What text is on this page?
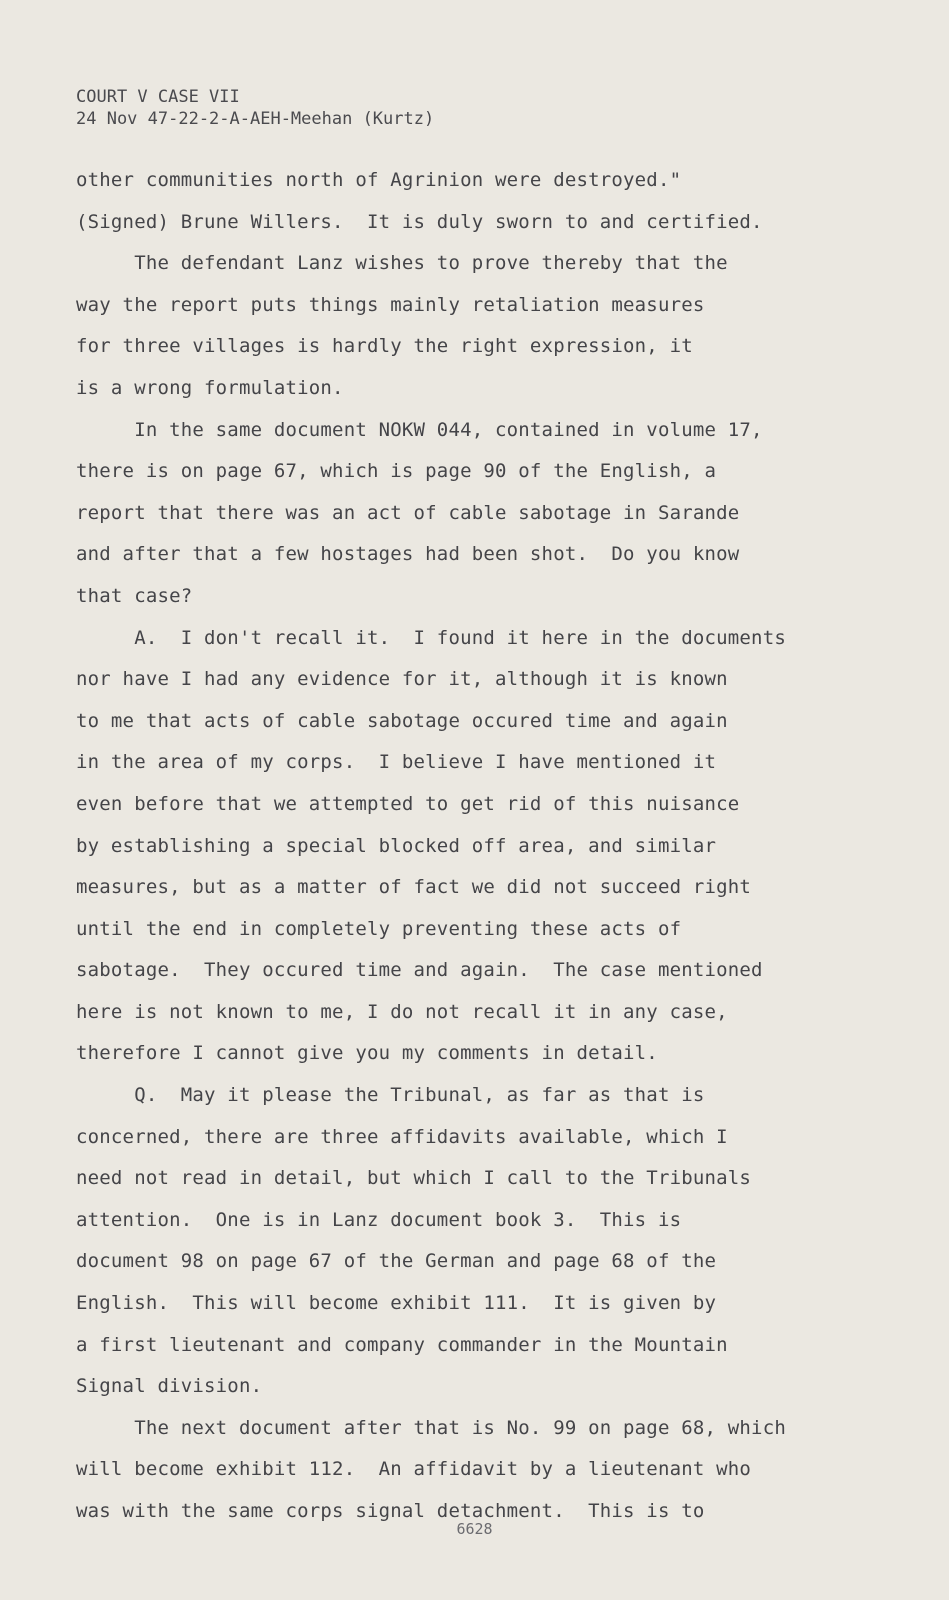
COURT V CASE VII
24 Nov 47-22-2-A-AEH-Meehan (Kurtz)
other communities north of Agrinion were destroyed."
(Signed) Brune Willers.  It is duly sworn to and certified.
The defendant Lanz wishes to prove thereby that the
way the report puts things mainly retaliation measures
for three villages is hardly the right expression, it
is a wrong formulation.
In the same document NOKW 044, contained in volume 17,
there is on page 67, which is page 90 of the English, a
report that there was an act of cable sabotage in Sarande
and after that a few hostages had been shot.  Do you know
that case?
A.  I don't recall it.  I found it here in the documents
nor have I had any evidence for it, although it is known
to me that acts of cable sabotage occured time and again
in the area of my corps.  I believe I have mentioned it
even before that we attempted to get rid of this nuisance
by establishing a special blocked off area, and similar
measures, but as a matter of fact we did not succeed right
until the end in completely preventing these acts of
sabotage.  They occured time and again.  The case mentioned
here is not known to me, I do not recall it in any case,
therefore I cannot give you my comments in detail.
Q.  May it please the Tribunal, as far as that is
concerned, there are three affidavits available, which I
need not read in detail, but which I call to the Tribunals
attention.  One is in Lanz document book 3.  This is
document 98 on page 67 of the German and page 68 of the
English.  This will become exhibit 111.  It is given by
a first lieutenant and company commander in the Mountain
Signal division.
The next document after that is No. 99 on page 68, which
will become exhibit 112.  An affidavit by a lieutenant who
was with the same corps signal detachment.  This is to
6628
